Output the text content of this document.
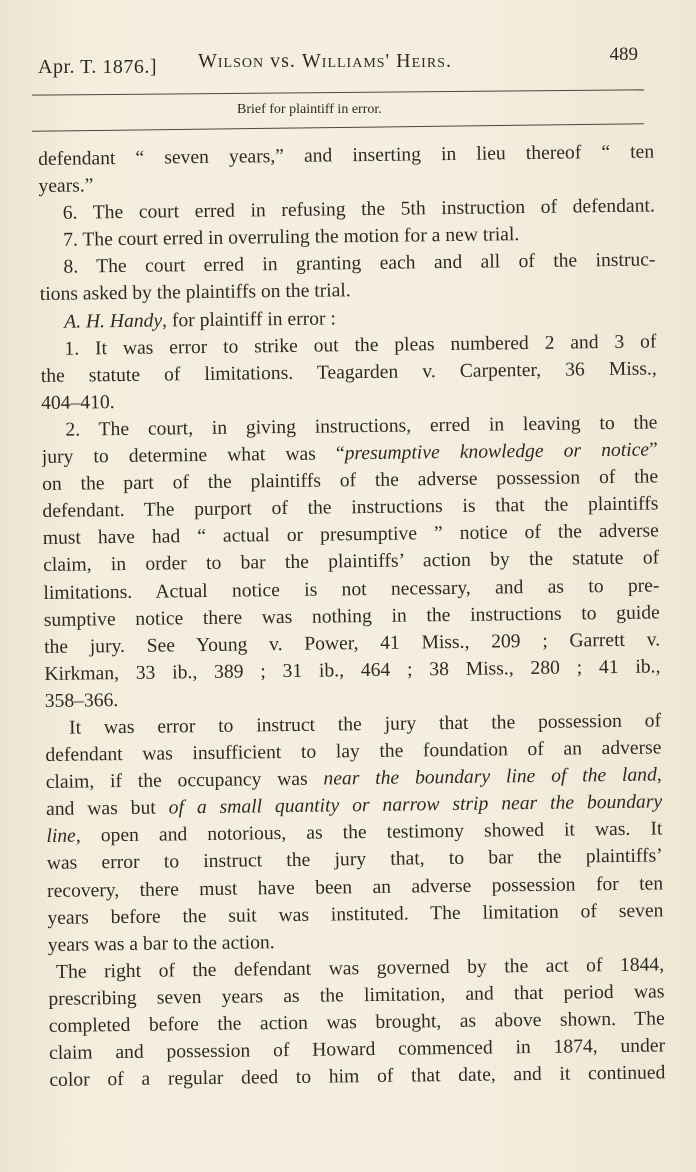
Apr. T. 1876.] Wilson vs. Williams' Heirs.	489
Brief for plaintiff in error.
defendant “ seven years,” and inserting in lieu thereof “ ten
years.”
6. The court erred in refusing the 5th instruction of defendant.
7. The court erred in overruling the motion for a new trial.
8. The court erred in granting each and all of the instruc-
tions asked by the plaintiffs on the trial.
A. H. Handy, for plaintiff in error :
1. It was error to strike out the pleas numbered 2 and 3 of
the statute of limitations. Teagarden v. Carpenter, 36 Miss.,
404–410.
2. The court, in giving instructions, erred in leaving to the
jury to determine what was “presumptive knowledge or notice”
on the part of the plaintiffs of the adverse possession of the
defendant. The purport of the instructions is that the plaintiffs
must have had “ actual or presumptive ” notice of the adverse
claim, in order to bar the plaintiffs’ action by the statute of
limitations. Actual notice is not necessary, and as to pre-
sumptive notice there was nothing in the instructions to guide
the jury. See Young v. Power, 41 Miss., 209 ; Garrett v.
Kirkman, 33 ib., 389 ; 31 ib., 464 ; 38 Miss., 280 ; 41 ib.,
358–366.
It was error to instruct the jury that the possession of
defendant was insufficient to lay the foundation of an adverse
claim, if the occupancy was near the boundary line of the land,
and was but of a small quantity or narrow strip near the boundary
line, open and notorious, as the testimony showed it was. It
was error to instruct the jury that, to bar the plaintiffs’
recovery, there must have been an adverse possession for ten
years before the suit was instituted. The limitation of seven
years was a bar to the action.
The right of the defendant was governed by the act of 1844,
prescribing seven years as the limitation, and that period was
completed before the action was brought, as above shown. The
claim and possession of Howard commenced in 1874, under
color of a regular deed to him of that date, and it continued
